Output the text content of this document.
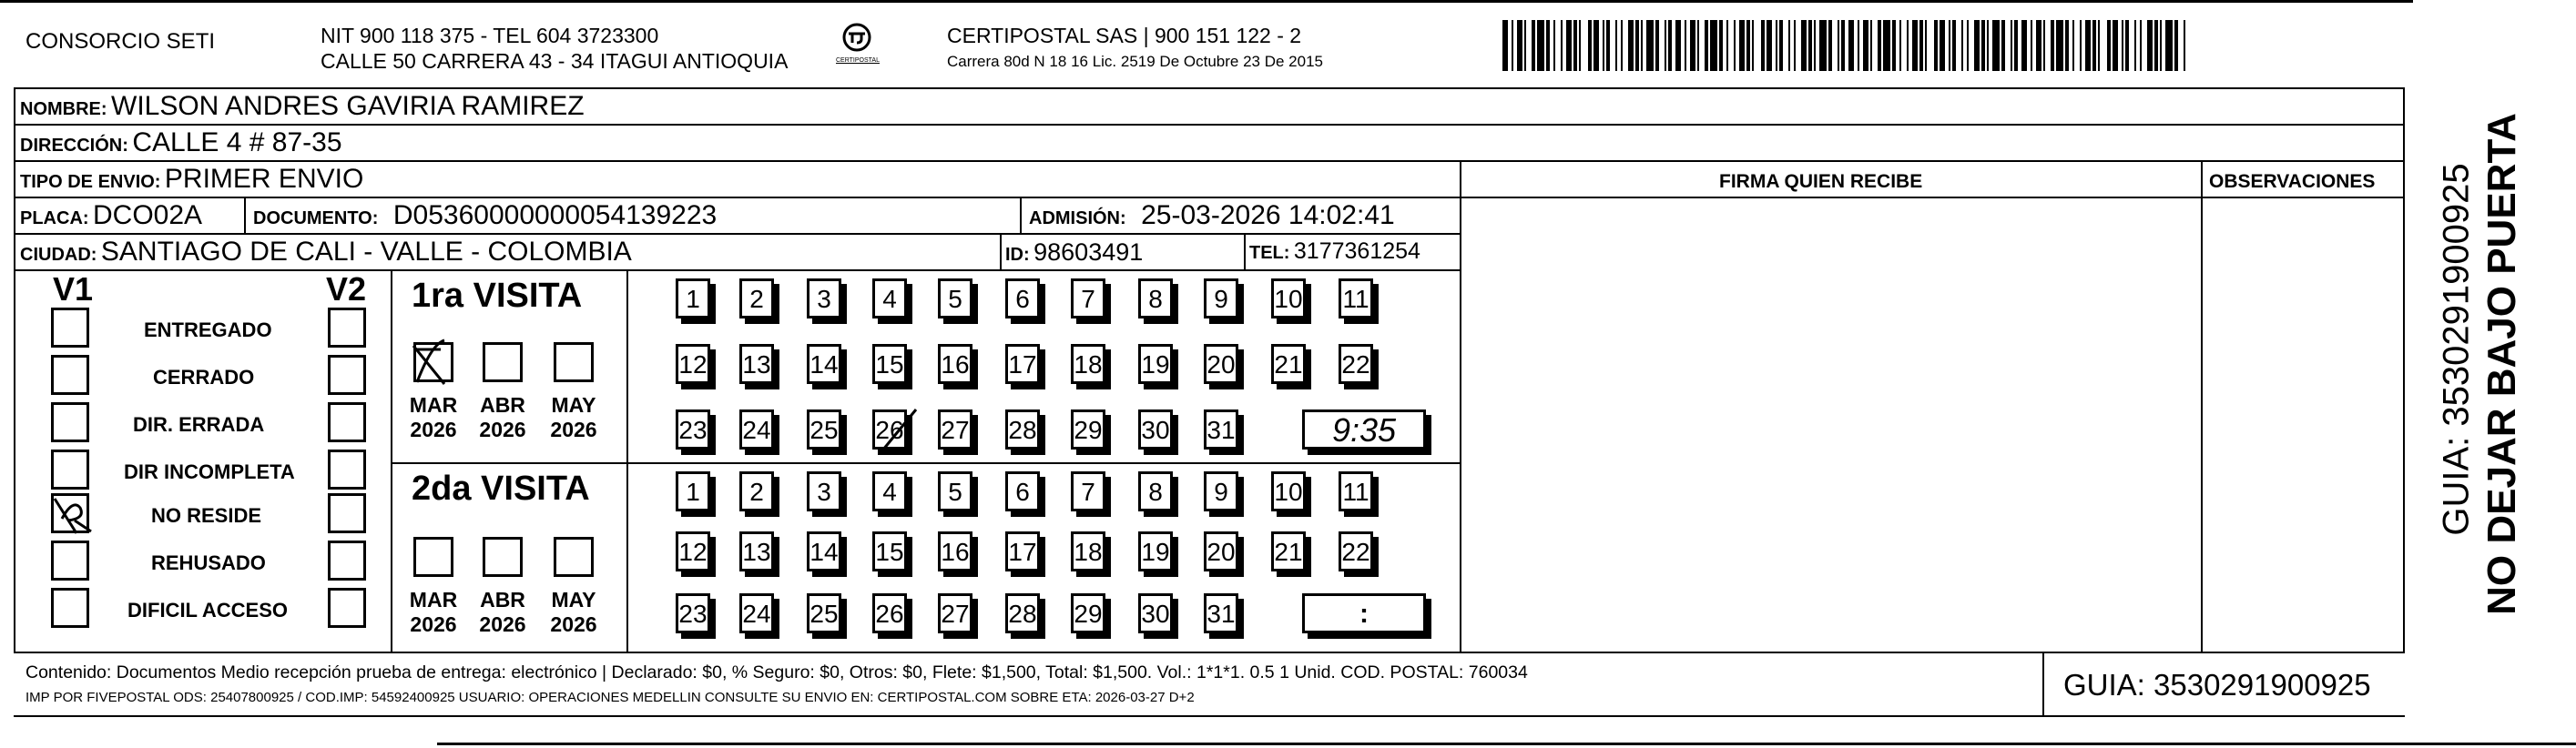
CONSORCIO SETI	NIT 900 118 375 - TEL 604 3723300
CALLE 50 CARRERA 43 - 34 ITAGUI ANTIOQUIA	CERTIPOSTAL
CERTIPOSTAL SAS | 900 151 122 - 2
Carrera 80d N 18 16 Lic. 2519 De Octubre 23 De 2015
NOMBRE: WILSON ANDRES GAVIRIA RAMIREZ
DIRECCIÓN: CALLE 4 # 87-35
TIPO DE ENVIO: PRIMER ENVIO	FIRMA QUIEN RECIBE	OBSERVACIONES
PLACA: DCO02A	DOCUMENTO: D05360000000054139223	ADMISIÓN: 25-03-2026 14:02:41
CIUDAD: SANTIAGO DE CALI - VALLE - COLOMBIA	ID: 98603491	TEL: 3177361254
V1	V2
ENTREGADO
CERRADO
DIR. ERRADA
DIR INCOMPLETA
NO RESIDE
REHUSADO
DIFICIL ACCESO
1ra VISITA
2da VISITA
MAR
2026
ABR
2026
MAY
2026
MAR
2026
ABR
2026
MAY
2026
1	2	3	4	5	6	7	8	9	10 11
12 13 14 15 16 17 18 19 20 21 22
23 24 25 26 27 28 29 30 31
1	2	3	4	5	6	7	8	9	10 11
12 13 14 15 16 17 18 19 20 21 22
23 24 25 26 27 28 29 30 31
9:35
:
Contenido: Documentos Medio recepción prueba de entrega: electrónico | Declarado: $0, % Seguro: $0, Otros: $0, Flete: $1,500, Total: $1,500. Vol.: 1*1*1. 0.5 1 Unid. COD. POSTAL: 760034
IMP POR FIVEPOSTAL ODS: 25407800925 / COD.IMP: 54592400925 USUARIO: OPERACIONES MEDELLIN CONSULTE SU ENVIO EN: CERTIPOSTAL.COM SOBRE ETA: 2026-03-27 D+2	GUIA: 3530291900925
NO DEJAR BAJO PUERTA
GUIA: 3530291900925
